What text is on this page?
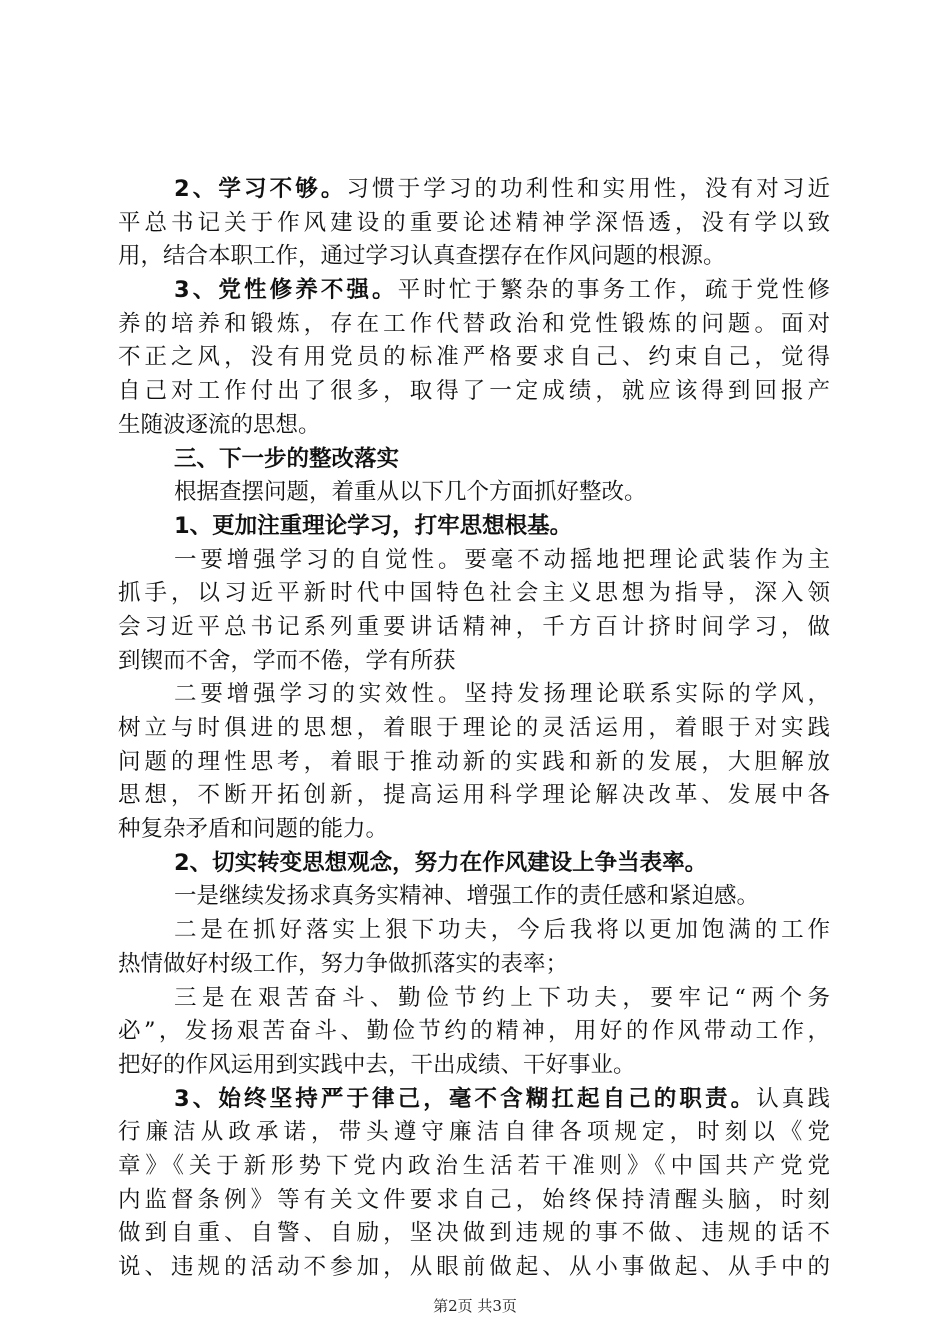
2、学习不够。习惯于学习的功利性和实用性，没有对习近
平总书记关于作风建设的重要论述精神学深悟透，没有学以致
用，结合本职工作，通过学习认真查摆存在作风问题的根源。
3、党性修养不强。平时忙于繁杂的事务工作，疏于党性修
养的培养和锻炼，存在工作代替政治和党性锻炼的问题。面对
不正之风，没有用党员的标准严格要求自己、约束自己，觉得
自己对工作付出了很多，取得了一定成绩，就应该得到回报产
生随波逐流的思想。
三、下一步的整改落实
根据查摆问题，着重从以下几个方面抓好整改。
1、更加注重理论学习，打牢思想根基。
一要增强学习的自觉性。要毫不动摇地把理论武装作为主
抓手，以习近平新时代中国特色社会主义思想为指导，深入领
会习近平总书记系列重要讲话精神，千方百计挤时间学习，做
到锲而不舍，学而不倦，学有所获
二要增强学习的实效性。坚持发扬理论联系实际的学风，
树立与时俱进的思想，着眼于理论的灵活运用，着眼于对实践
问题的理性思考，着眼于推动新的实践和新的发展，大胆解放
思想，不断开拓创新，提高运用科学理论解决改革、发展中各
种复杂矛盾和问题的能力。
2、切实转变思想观念，努力在作风建设上争当表率。
一是继续发扬求真务实精神、增强工作的责任感和紧迫感。
二是在抓好落实上狠下功夫，今后我将以更加饱满的工作
热情做好村级工作，努力争做抓落实的表率；
三是在艰苦奋斗、勤俭节约上下功夫，要牢记“两个务
必”，发扬艰苦奋斗、勤俭节约的精神，用好的作风带动工作，
把好的作风运用到实践中去，干出成绩、干好事业。
3、始终坚持严于律己，毫不含糊扛起自己的职责。认真践
行廉洁从政承诺，带头遵守廉洁自律各项规定，时刻以《党
章》《关于新形势下党内政治生活若干准则》《中国共产党党
内监督条例》等有关文件要求自己，始终保持清醒头脑，时刻
做到自重、自警、自励，坚决做到违规的事不做、违规的话不
说、违规的活动不参加，从眼前做起、从小事做起、从手中的
第2页 共3页
